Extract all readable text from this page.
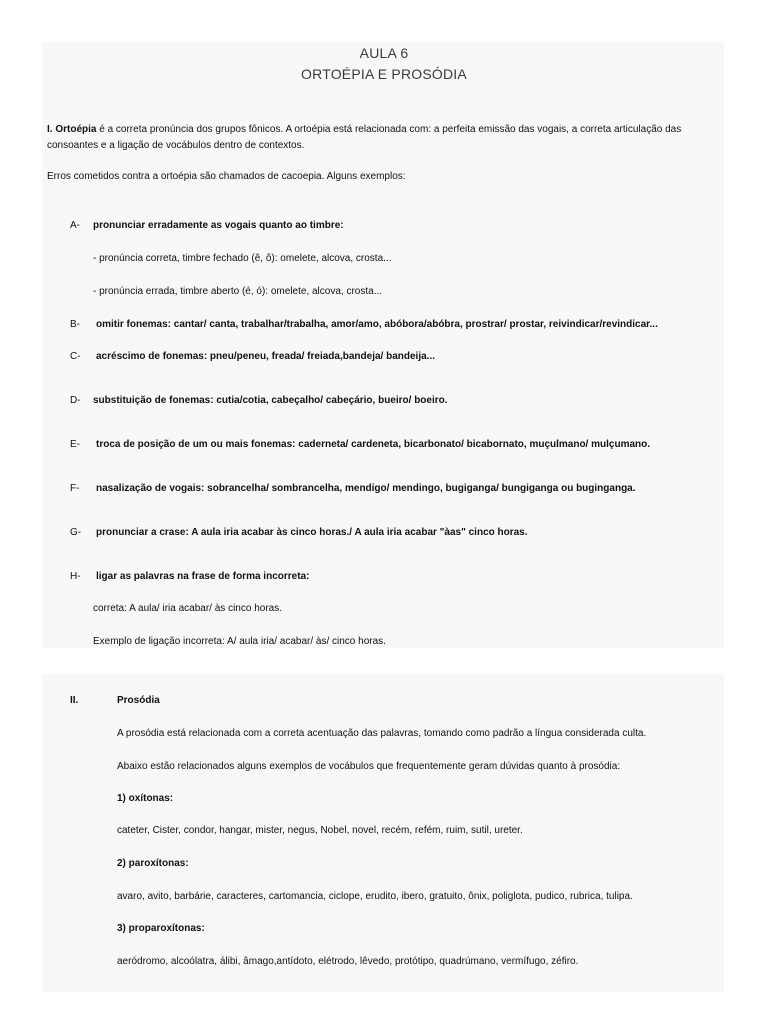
AULA 6
ORTOÉPIA E PROSÓDIA
I. Ortoépia é a correta pronúncia dos grupos fônicos. A ortoépia está relacionada com: a perfeita emissão das vogais, a correta articulação das consoantes e a ligação de vocábulos dentro de contextos.
Erros cometidos contra a ortoépia são chamados de cacoepia. Alguns exemplos:
A- pronunciar erradamente as vogais quanto ao timbre:
- pronúncia correta, timbre fechado (ê, ô): omelete, alcova, crosta...
- pronúncia errada, timbre aberto (é, ó): omelete, alcova, crosta...
B- omitir fonemas: cantar/ canta, trabalhar/trabalha, amor/amo, abóbora/abóbra, prostrar/ prostar, reivindicar/revindicar...
C- acréscimo de fonemas: pneu/peneu, freada/ freiada,bandeja/ bandeija...
D- substituição de fonemas: cutia/cotia, cabeçalho/ cabeçário, bueiro/ boeiro.
E- troca de posição de um ou mais fonemas: caderneta/ cardeneta, bicarbonato/ bicabornato, muçulmano/ mulçumano.
F- nasalização de vogais: sobrancelha/ sombrancelha, mendigo/ mendingo, bugiganga/ bungiganga ou buginganga.
G- pronunciar a crase: A aula iria acabar às cinco horas./ A aula iria acabar "àas" cinco horas.
H- ligar as palavras na frase de forma incorreta:
correta: A aula/ iria acabar/ às cinco horas.
Exemplo de ligação incorreta: A/ aula iria/ acabar/ às/ cinco horas.
II.	Prosódia
A prosódia está relacionada com a correta acentuação das palavras, tomando como padrão a língua considerada culta.
Abaixo estão relacionados alguns exemplos de vocábulos que frequentemente geram dúvidas quanto à prosódia:
1) oxítonas:
cateter, Cister, condor, hangar, mister, negus, Nobel, novel, recém, refém, ruim, sutil, ureter.
2) paroxítonas:
avaro, avito, barbárie, caracteres, cartomancia, ciclope, erudito, ibero, gratuito, ônix, poliglota, pudico, rubrica, tulipa.
3) proparoxítonas:
aeródromo, alcoólatra, álibi, âmago,antídoto, elétrodo, lêvedo, protótipo, quadrúmano, vermífugo, zéfiro.
